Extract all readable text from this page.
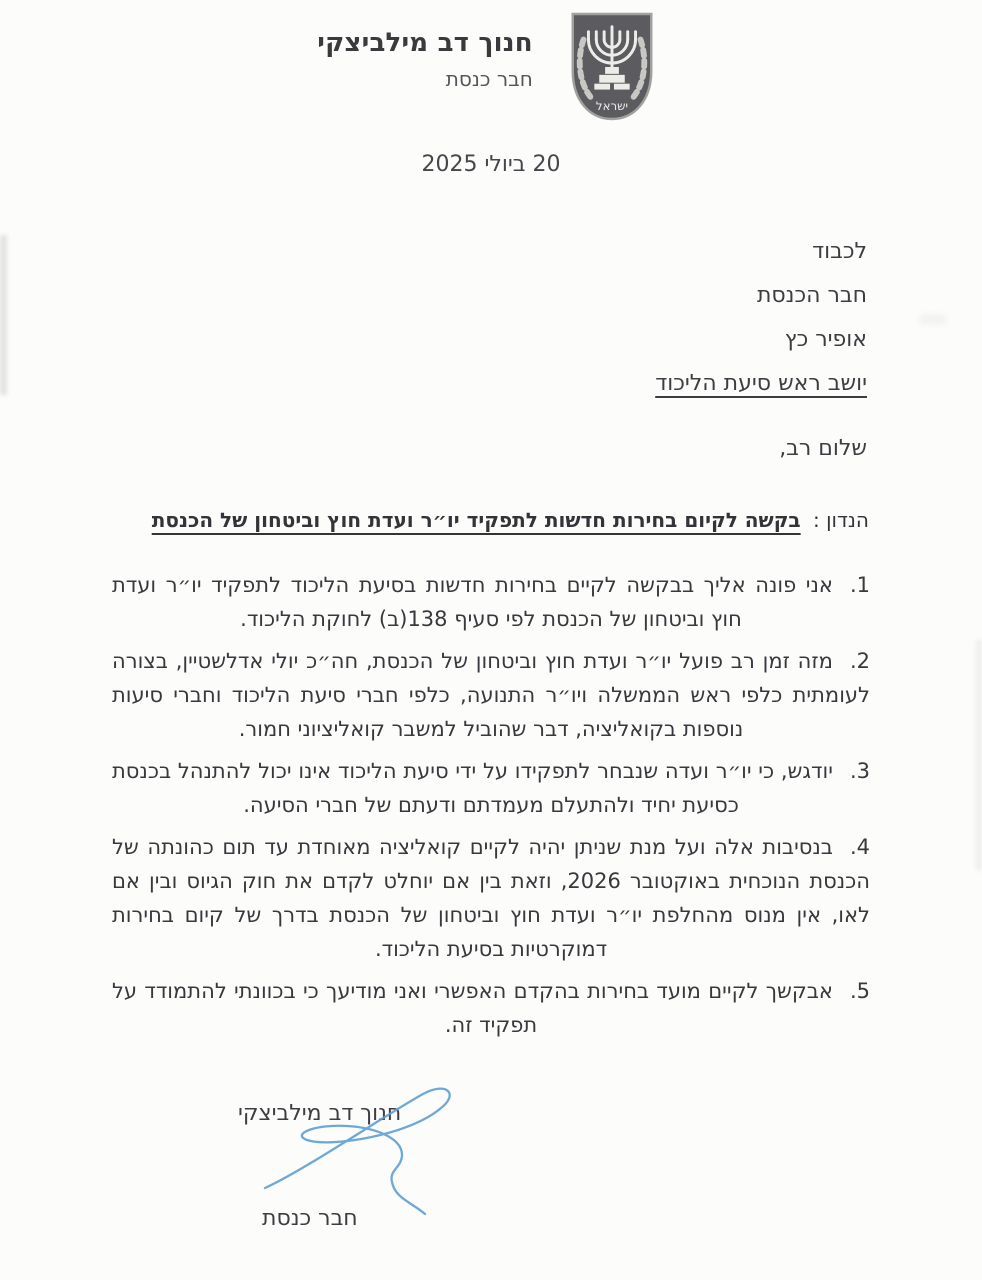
ישראל
חנוך דב מילביצקי
חבר כנסת
20 ביולי 2025
לכבוד
חבר הכנסת
אופיר כץ
יושב ראש סיעת הליכוד
שלום רב,
הנדון : בקשה לקיום בחירות חדשות לתפקיד יו״ר ועדת חוץ וביטחון של הכנסת

1.אני פונה אליך בבקשה לקיים בחירות חדשות בסיעת הליכוד לתפקיד יו״ר ועדת חוץ וביטחון של הכנסת לפי סעיף 138(ב) לחוקת הליכוד.

2.מזה זמן רב פועל יו״ר ועדת חוץ וביטחון של הכנסת, חה״כ יולי אדלשטיין, בצורה לעומתית כלפי ראש הממשלה ויו״ר התנועה, כלפי חברי סיעת הליכוד וחברי סיעות נוספות בקואליציה, דבר שהוביל למשבר קואליציוני חמור.

3.יודגש, כי יו״ר ועדה שנבחר לתפקידו על ידי סיעת הליכוד אינו יכול להתנהל בכנסת כסיעת יחיד ולהתעלם מעמדתם ודעתם של חברי הסיעה.

4.בנסיבות אלה ועל מנת שניתן יהיה לקיים קואליציה מאוחדת עד תום כהונתה של הכנסת הנוכחית באוקטובר 2026, וזאת בין אם יוחלט לקדם את חוק הגיוס ובין אם לאו, אין מנוס מהחלפת יו״ר ועדת חוץ וביטחון של הכנסת בדרך של קיום בחירות דמוקרטיות בסיעת הליכוד.

5.אבקשך לקיים מועד בחירות בהקדם האפשרי ואני מודיעך כי בכוונתי להתמודד על תפקיד זה.

חנוך דב מילביצקי
חבר כנסת
